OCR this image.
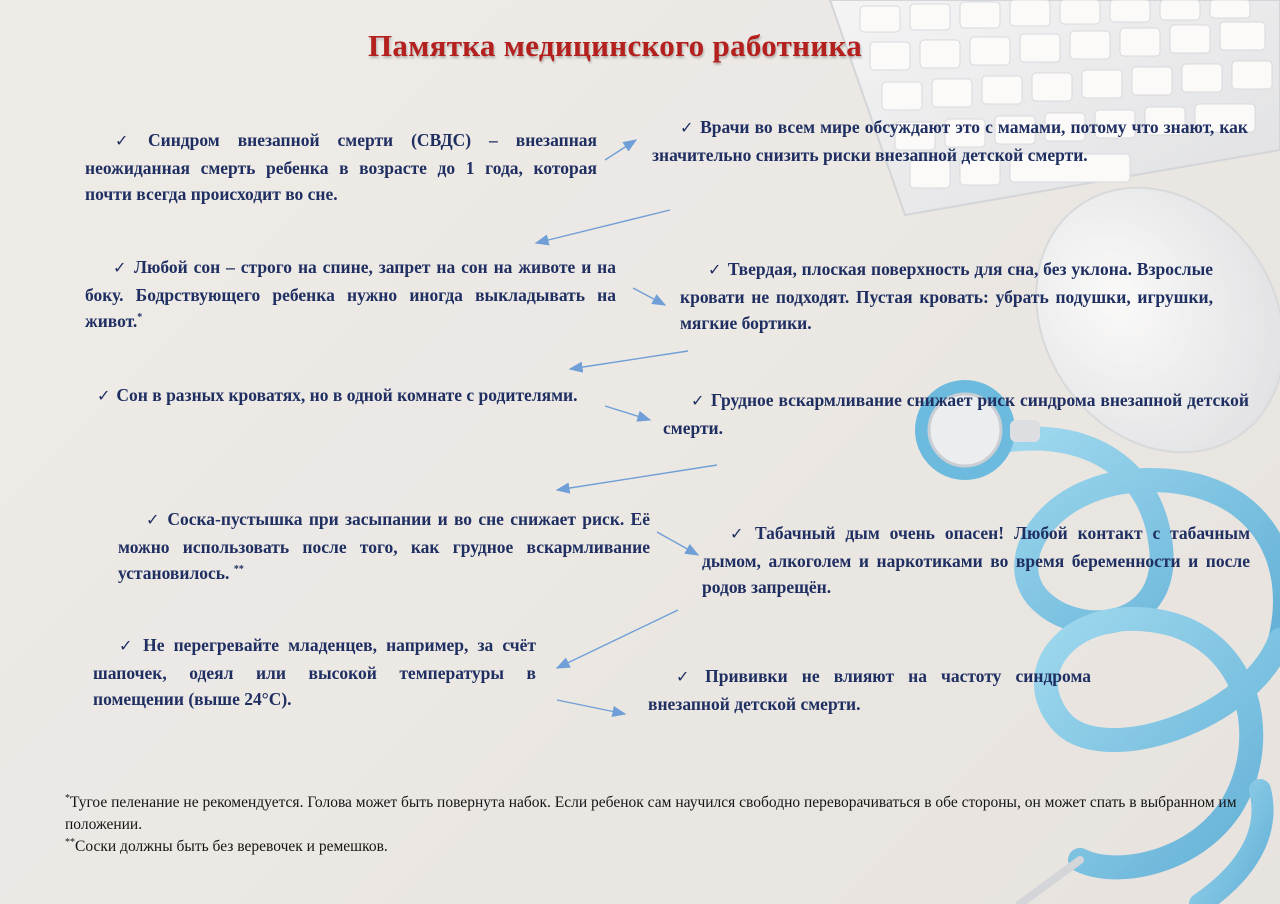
Памятка медицинского работника
✓ Синдром внезапной смерти (СВДС) – внезапная неожиданная смерть ребенка в возрасте до 1 года, которая почти всегда происходит во сне.
✓ Любой сон – строго на спине, запрет на сон на животе и на боку. Бодрствующего ребенка нужно иногда выкладывать на живот.*
✓ Сон в разных кроватях, но в одной комнате с родителями.
✓ Соска-пустышка при засыпании и во сне снижает риск. Её можно использовать после того, как грудное вскармливание установилось. **
✓ Не перегревайте младенцев, например, за счёт шапочек, одеял или высокой температуры в помещении (выше 24°С).
✓ Врачи во всем мире обсуждают это с мамами, потому что знают, как значительно снизить риски внезапной детской смерти.
✓ Твердая, плоская поверхность для сна, без уклона. Взрослые кровати не подходят. Пустая кровать: убрать подушки, игрушки, мягкие бортики.
✓ Грудное вскармливание снижает риск синдрома внезапной детской смерти.
✓ Табачный дым очень опасен! Любой контакт с табачным дымом, алкоголем и наркотиками во время беременности и после родов запрещён.
✓ Прививки не влияют на частоту синдрома внезапной детской смерти.
*Тугое пеленание не рекомендуется. Голова может быть повернута набок. Если ребенок сам научился свободно переворачиваться в обе стороны, он может спать в выбранном им положении.
**Соски должны быть без веревочек и ремешков.
